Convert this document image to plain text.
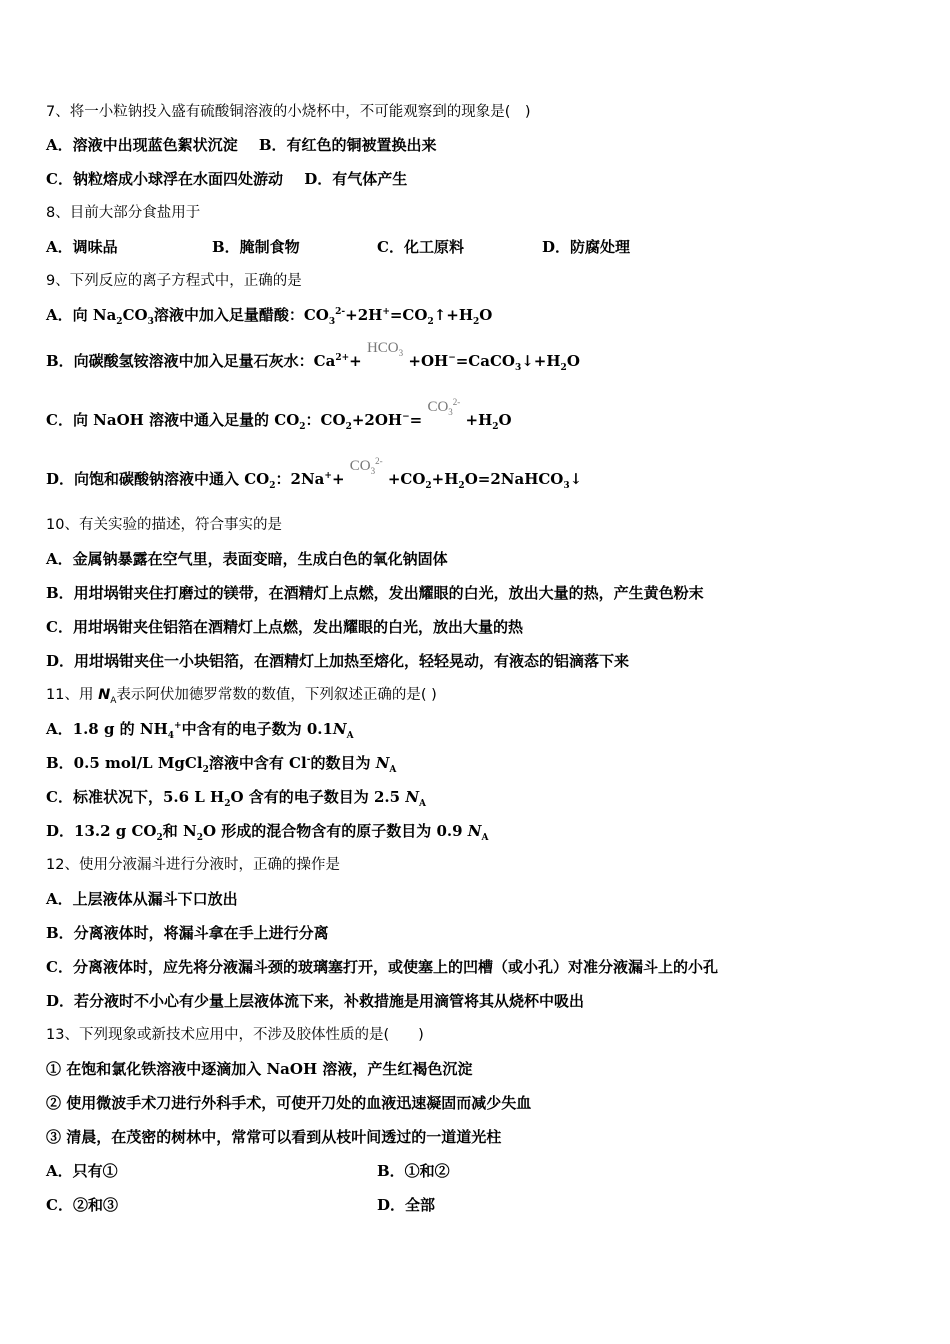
7、将一小粒钠投入盛有硫酸铜溶液的小烧杯中，不可能观察到的现象是(　)
A．溶液中出现蓝色絮状沉淀 B．有红色的铜被置换出来
C．钠粒熔成小球浮在水面四处游动 D．有气体产生
8、目前大部分食盐用于
A．调味品	B．腌制食物	C．化工原料	D．防腐处理
9、下列反应的离子方程式中，正确的是
A．向 $Na_2CO_3$溶液中加入足量醋酸：$CO_3^{2-}+2H^+=CO_2↑+H_2O$
B．向碳酸氢铵溶液中加入足量石灰水：$Ca^{2+}+ HCO_3$ $+OH^-=CaCO_3↓+H_2O$
C．向 NaOH 溶液中通入足量的 $CO_2$：$CO_2+2OH^-= CO_3^{2-} +H_2O$
D．向饱和碳酸钠溶液中通入 $CO_2$：$2Na^++ CO_3^{2-}$ $+CO_2+H_2O=2NaHCO_3↓$
10、有关实验的描述，符合事实的是
A．金属钠暴露在空气里，表面变暗，生成白色的氧化钠固体
B．用坩埚钳夹住打磨过的镁带，在酒精灯上点燃，发出耀眼的白光，放出大量的热，产生黄色粉末
C．用坩埚钳夹住铝箔在酒精灯上点燃，发出耀眼的白光，放出大量的热
D．用坩埚钳夹住一小块铝箔，在酒精灯上加热至熔化，轻轻晃动，有液态的铝滴落下来
11、用 $N_A$表示阿伏加德罗常数的数值，下列叙述正确的是( )
A．1.8 g 的 $NH_4^+$中含有的电子数为 $0.1N_A$
B．0.5 mol/L MgCl$_2$溶液中含有 Cl-的数目为 $N_A$
C．标准状况下，5.6 L $H_2O$ 含有的电子数目为 2.5 $N_A$
D．13.2 g $CO_2$和 $N_2O$ 形成的混合物含有的原子数目为 0.9 $N_A$
12、使用分液漏斗进行分液时，正确的操作是
A．上层液体从漏斗下口放出
B．分离液体时，将漏斗拿在手上进行分离
C．分离液体时，应先将分液漏斗颈的玻璃塞打开，或使塞上的凹槽（或小孔）对准分液漏斗上的小孔
D．若分液时不小心有少量上层液体流下来，补救措施是用滴管将其从烧杯中吸出
13、下列现象或新技术应用中，不涉及胶体性质的是(　　)
① 在饱和氯化铁溶液中逐滴加入 NaOH 溶液，产生红褐色沉淀
② 使用微波手术刀进行外科手术，可使开刀处的血液迅速凝固而减少失血
③ 清晨，在茂密的树林中，常常可以看到从枝叶间透过的一道道光柱
A．只有①	B．①和②
C．②和③	D．全部
